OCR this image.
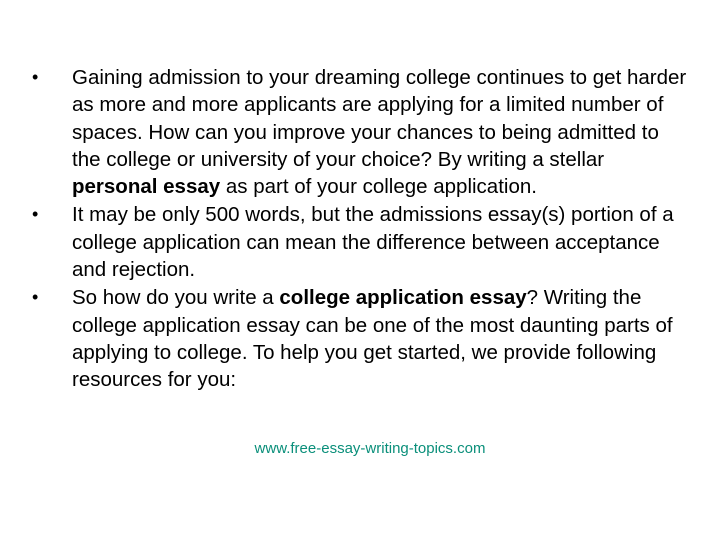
•	Gaining admission to your dreaming college continues to get harder as more and more applicants are applying for a limited number of spaces. How can you improve your chances to being admitted to the college or university of your choice? By writing a stellar personal essay as part of your college application.
•	It may be only 500 words, but the admissions essay(s) portion of a college application can mean the difference between acceptance and rejection.
•	So how do you write a college application essay? Writing the college application essay can be one of the most daunting parts of applying to college. To help you get started, we provide following resources for you:
www.free-essay-writing-topics.com
